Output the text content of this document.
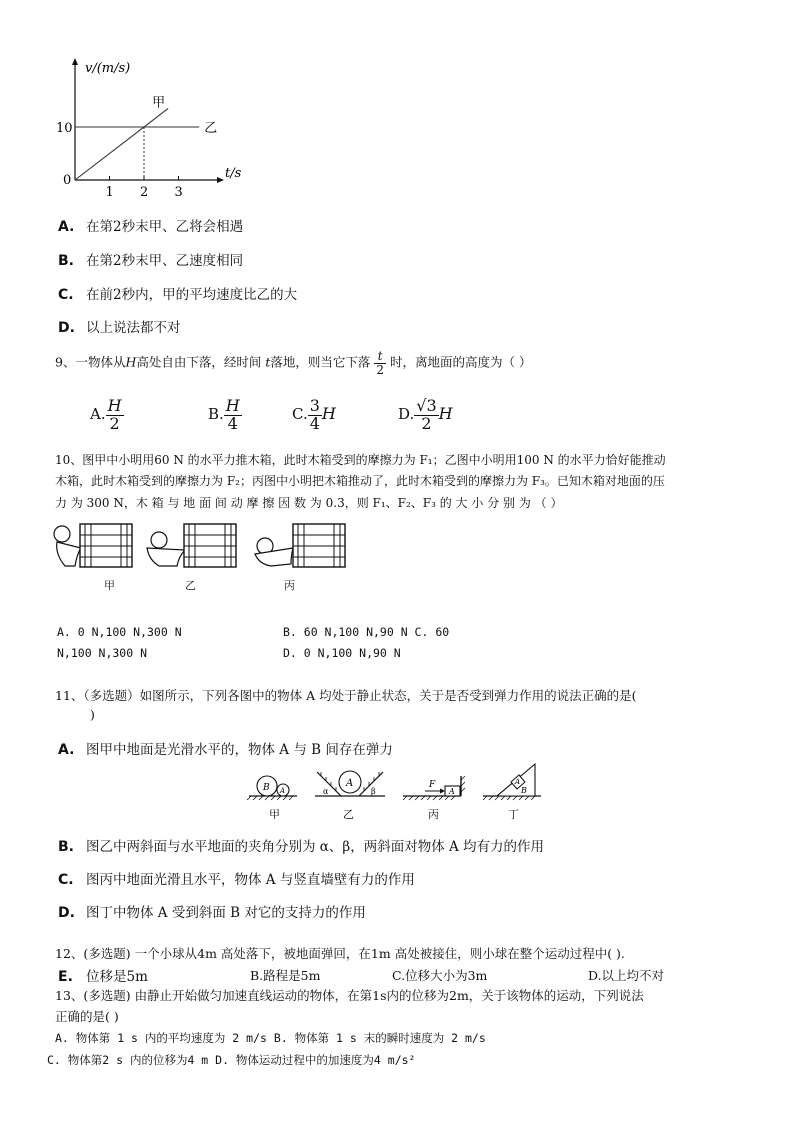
甲
乙
1 2 3
10
v/(m/s)
t/s
0
A. 在第2秒末甲、乙将会相遇
B. 在第2秒末甲、乙速度相同
C. 在前2秒内，甲的平均速度比乙的大
D. 以上说法都不对
9、一物体从H高处自由下落，经时间 t落地，则当它下落 $\frac{t}{2}$ 时，离地面的高度为（ ）
A. $\frac{H}{2}$	B. $\frac{H}{4}$	C. $\frac{3}{4}$ H	D. $\frac{√3}{2}$ H
10、图甲中小明用60 N 的水平力推木箱，此时木箱受到的摩擦力为 F₁；乙图中小明用100 N 的水平力恰好能推动
木箱，此时木箱受到的摩擦力为 F₂；丙图中小明把木箱推动了，此时木箱受到的摩擦力为 F₃。已知木箱对地面的压
力 为 300 N，木 箱 与 地 面 间 动 摩 擦 因 数 为 0.3，则 F₁、F₂、F₃ 的 大 小 分 别 为 （ ）
甲	乙	丙
A. 0 N,100 N,300 N	B. 60 N,100 N,90 N C. 60
N,100 N,300 N	D. 0 N,100 N,90 N
11、（多选题）如图所示，下列各图中的物体 A 均处于静止状态，关于是否受到弹力作用的说法正确的是(
)
A. 图甲中地面是光滑水平的，物体 A 与 B 间存在弹力
B A
A
α	β
F
A
A
B
甲	乙	丙	丁
B. 图乙中两斜面与水平地面的夹角分别为 α、β，两斜面对物体 A 均有力的作用
C. 图丙中地面光滑且水平，物体 A 与竖直墙壁有力的作用
D. 图丁中物体 A 受到斜面 B 对它的支持力的作用
12、(多选题) 一个小球从4m 高处落下，被地面弹回，在1m 高处被接住，则小球在整个运动过程中( ).
E. 位移是5m	B.路程是5m	C.位移大小为3m	D.以上均不对
13、(多选题) 由静止开始做匀加速直线运动的物体，在第1s内的位移为2m，关于该物体的运动，下列说法
正确的是( )
A. 物体第 1 s 内的平均速度为 2 m/s B. 物体第 1 s 末的瞬时速度为 2 m/s
C. 物体第2 s 内的位移为4 m D. 物体运动过程中的加速度为4 m/s²
